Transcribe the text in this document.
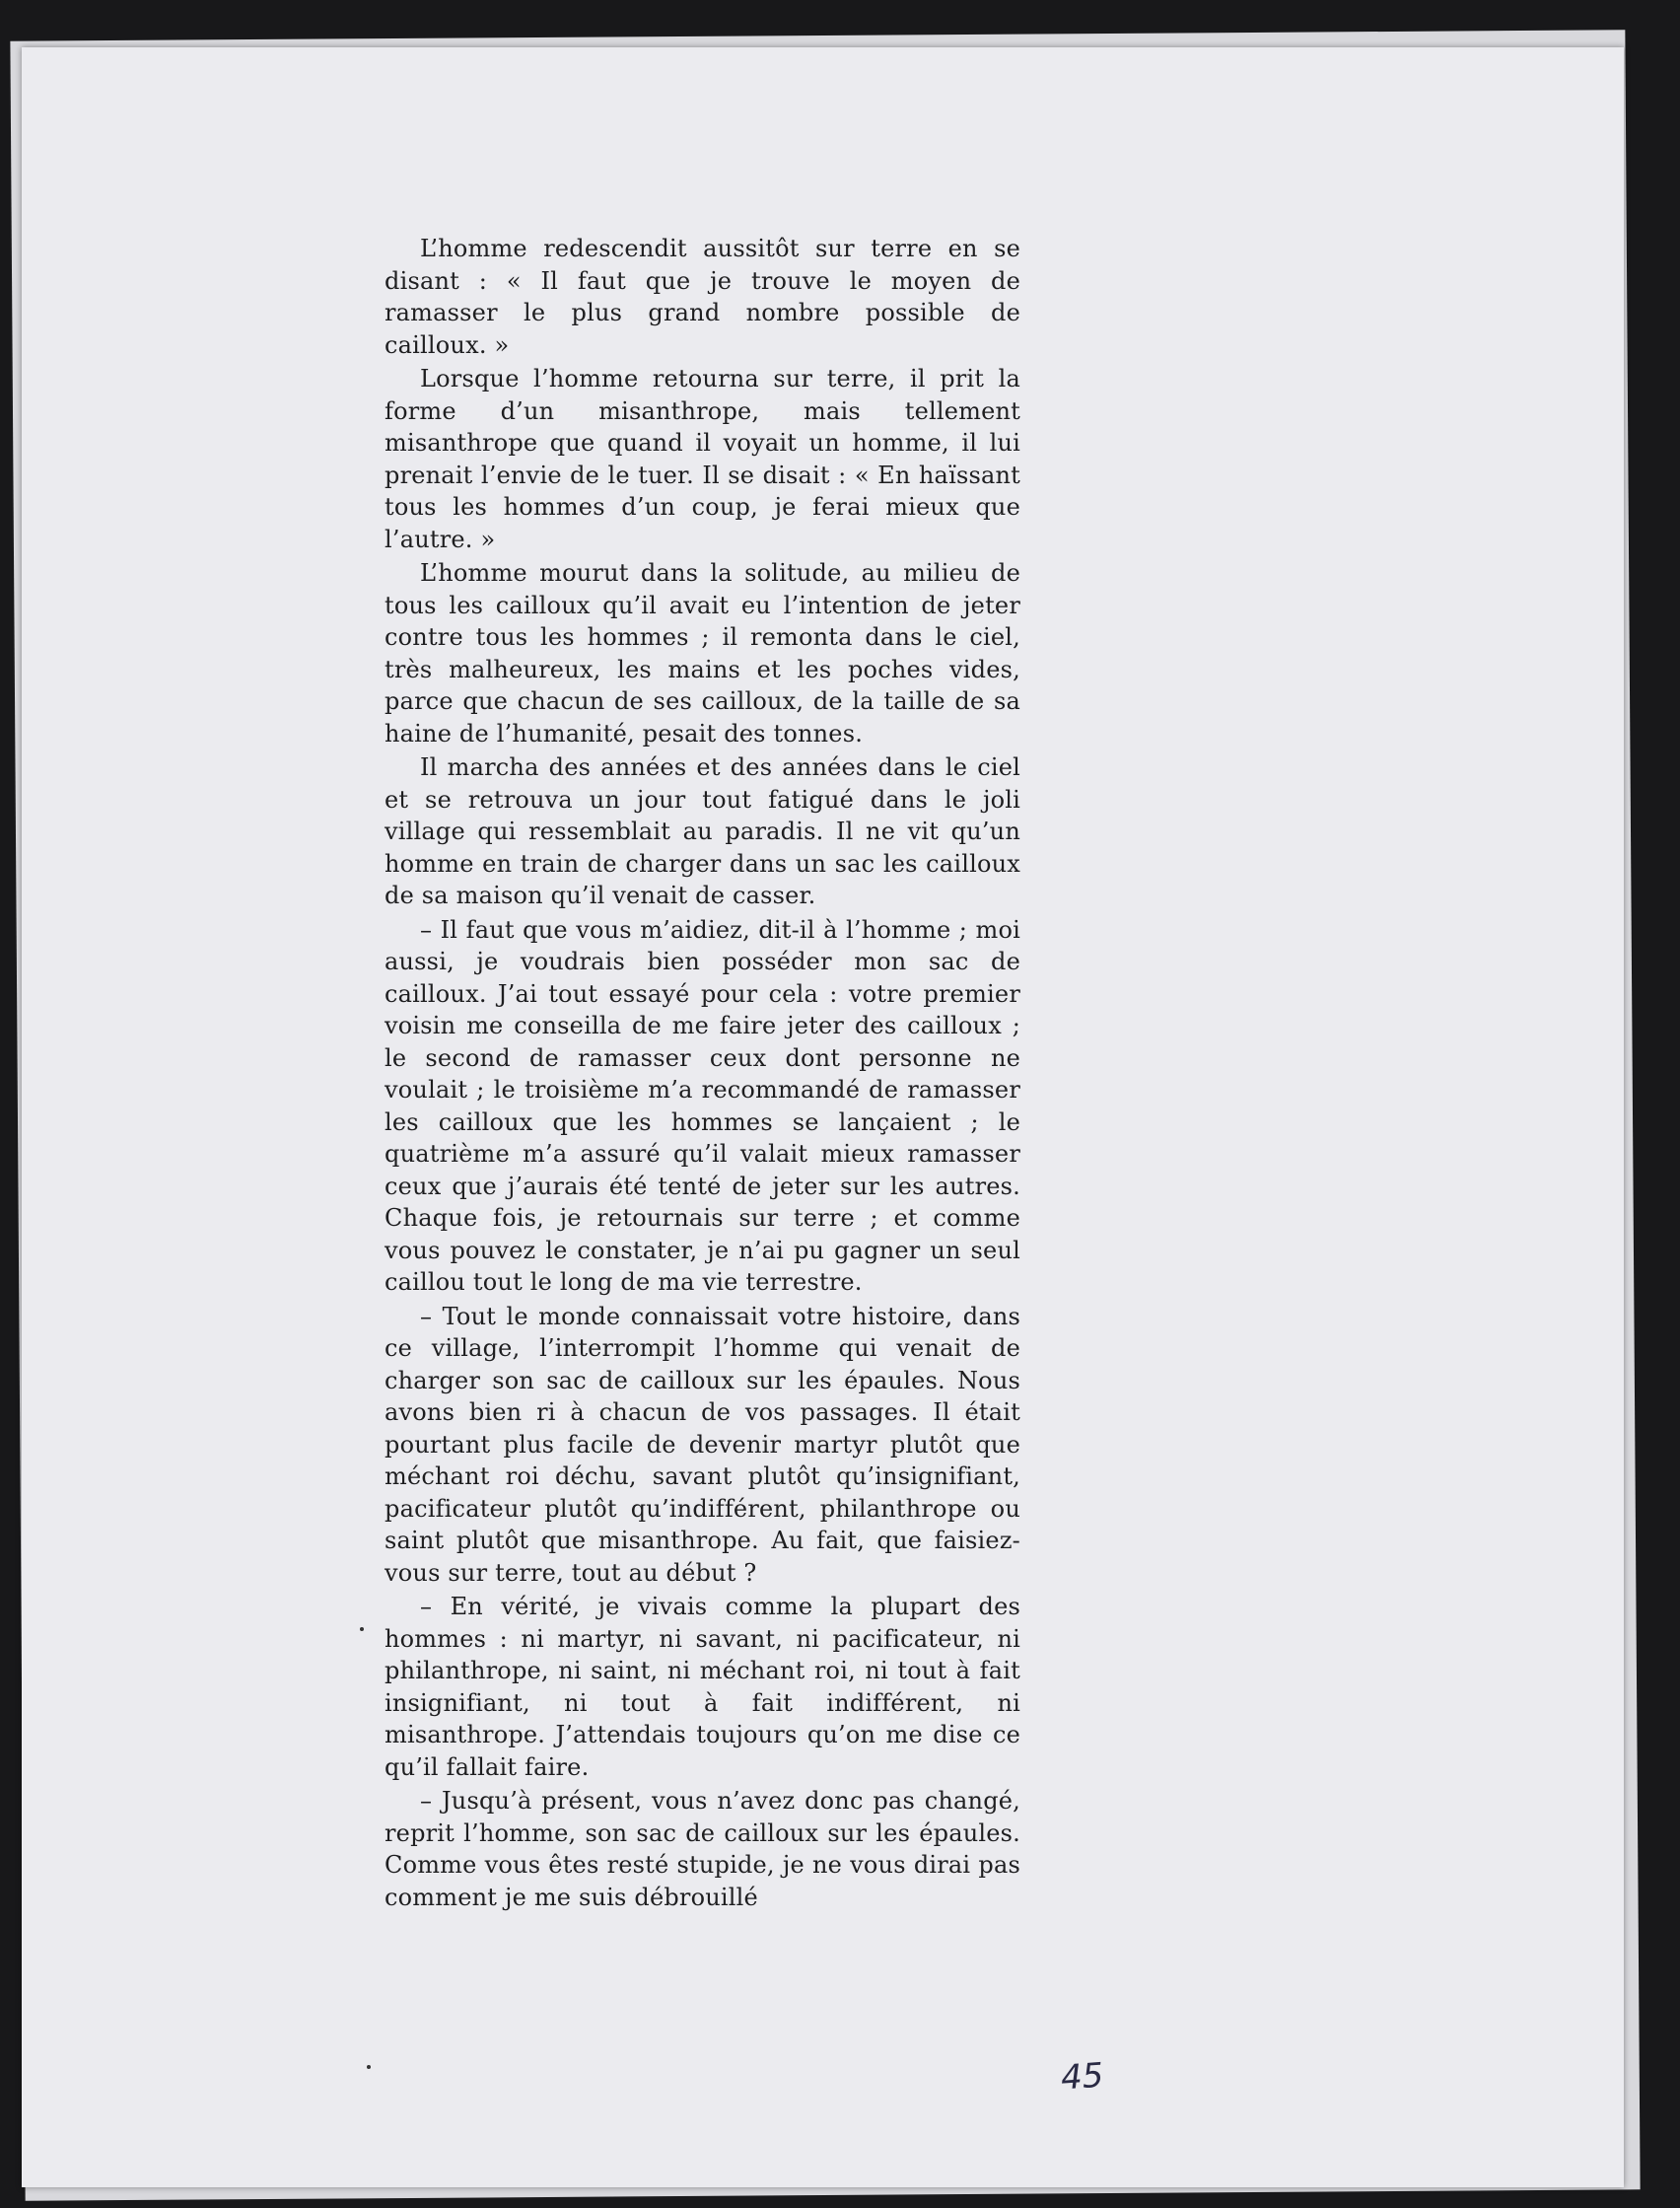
L’homme redescendit aussitôt sur terre en se disant : « Il faut que je trouve le moyen de ramasser le plus grand nombre possible de cailloux. »

Lorsque l’homme retourna sur terre, il prit la forme d’un misanthrope, mais tellement misanthrope que quand il voyait un homme, il lui prenait l’envie de le tuer. Il se disait : « En haïssant tous les hommes d’un coup, je ferai mieux que l’autre. »

L’homme mourut dans la solitude, au milieu de tous les cailloux qu’il avait eu l’intention de jeter contre tous les hommes ; il remonta dans le ciel, très malheureux, les mains et les poches vides, parce que chacun de ses cailloux, de la taille de sa haine de l’humanité, pesait des tonnes.

Il marcha des années et des années dans le ciel et se retrouva un jour tout fatigué dans le joli village qui ressemblait au paradis. Il ne vit qu’un homme en train de charger dans un sac les cailloux de sa maison qu’il venait de casser.

– Il faut que vous m’aidiez, dit-il à l’homme ; moi aussi, je voudrais bien posséder mon sac de cailloux. J’ai tout essayé pour cela : votre premier voisin me conseilla de me faire jeter des cailloux ; le second de ramasser ceux dont personne ne voulait ; le troisième m’a recommandé de ramasser les cailloux que les hommes se lançaient ; le quatrième m’a assuré qu’il valait mieux ramasser ceux que j’aurais été tenté de jeter sur les autres. Chaque fois, je retournais sur terre ; et comme vous pouvez le constater, je n’ai pu gagner un seul caillou tout le long de ma vie terrestre.

– Tout le monde connaissait votre histoire, dans ce village, l’interrompit l’homme qui venait de charger son sac de cailloux sur les épaules. Nous avons bien ri à chacun de vos passages. Il était pourtant plus facile de devenir martyr plutôt que méchant roi déchu, savant plutôt qu’insignifiant, pacificateur plutôt qu’indifférent, philanthrope ou saint plutôt que misanthrope. Au fait, que faisiez-vous sur terre, tout au début ?

– En vérité, je vivais comme la plupart des hommes : ni martyr, ni savant, ni pacificateur, ni philanthrope, ni saint, ni méchant roi, ni tout à fait insignifiant, ni tout à fait indifférent, ni misanthrope. J’attendais toujours qu’on me dise ce qu’il fallait faire.

– Jusqu’à présent, vous n’avez donc pas changé, reprit l’homme, son sac de cailloux sur les épaules. Comme vous êtes resté stupide, je ne vous dirai pas comment je me suis débrouillé

45
